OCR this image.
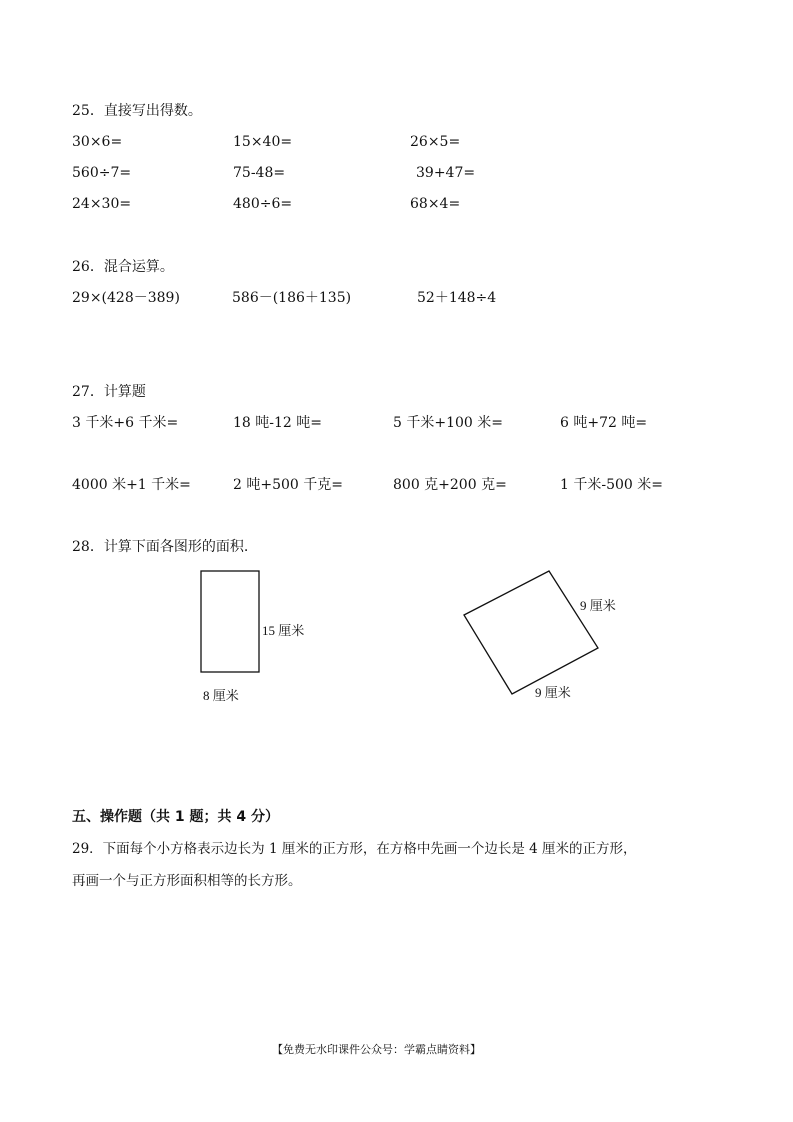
25．直接写出得数。
30×6=	15×40=	26×5=
560÷7=	75-48=	39+47=
24×30=	480÷6=	68×4=
26．混合运算。
29×(428－389)	586－(186＋135)	52＋148÷4
27．计算题
3 千米+6 千米=	18 吨-12 吨=	5 千米+100 米=	6 吨+72 吨=
4000 米+1 千米=	2 吨+500 千克=	800 克+200 克=	1 千米-500 米=
28．计算下面各图形的面积.
15 厘米
8 厘米
9 厘米
9 厘米
五、操作题（共 1 题；共 4 分）
29．下面每个小方格表示边长为 1 厘米的正方形，在方格中先画一个边长是 4 厘米的正方形，
再画一个与正方形面积相等的长方形。
【免费无水印课件公众号：学霸点睛资料】
